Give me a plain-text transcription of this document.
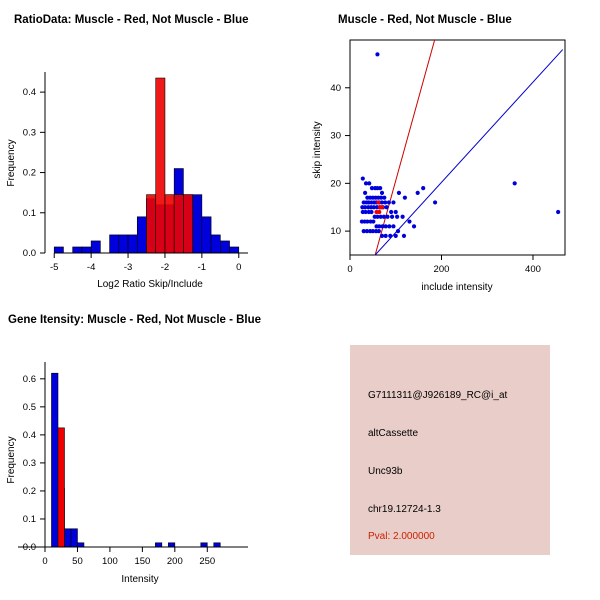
RatioData: Muscle - Red, Not Muscle - Blue
-5	-4	-3	-2	-1	0
0.0
0.1
0.2
0.3
0.4
Log2 Ratio Skip/Include
Frequency
Muscle - Red, Not Muscle - Blue
0	200	400
10
20
30
40
include intensity
skip intensity
Gene Itensity: Muscle - Red, Not Muscle - Blue
0	50 100 150 200 250
0.0
0.1
0.2
0.3
0.4
0.5
0.6
Intensity
Frequency
G7111311@J926189_RC@i_at
altCassette
Unc93b
chr19.12724-1.3
Pval: 2.000000
